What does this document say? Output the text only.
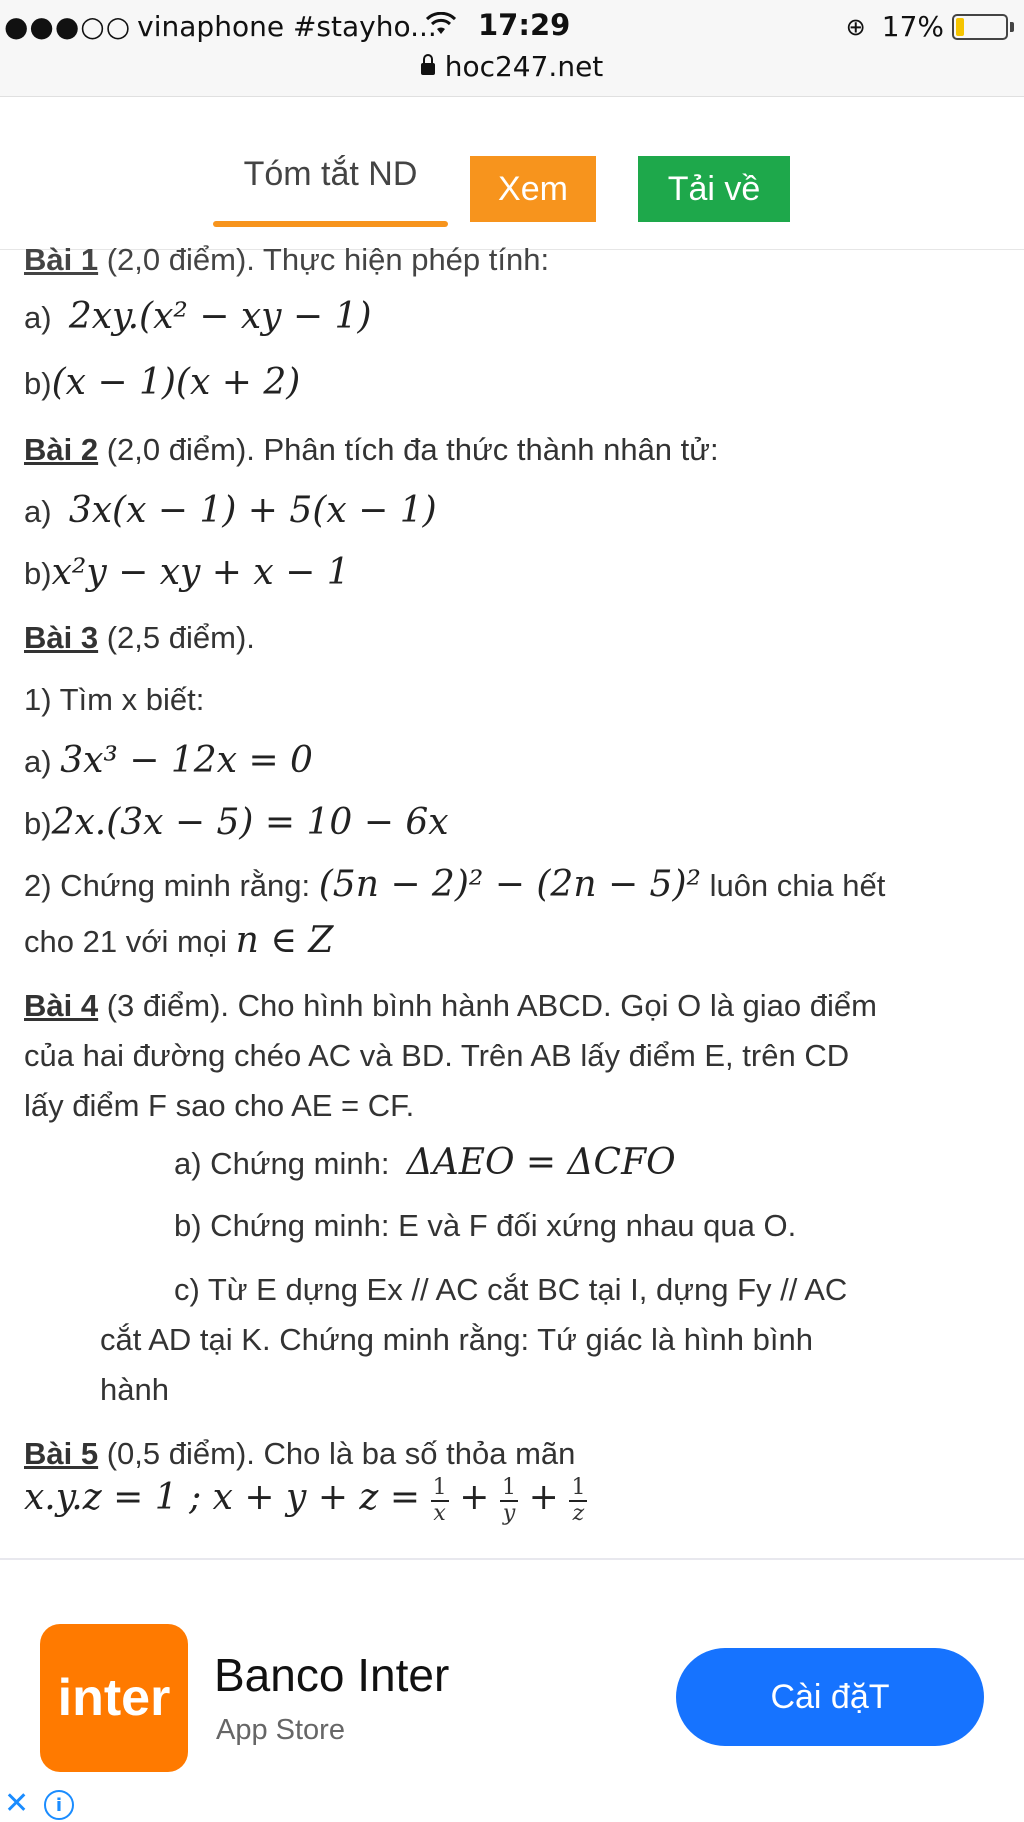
●●●○○ vinaphone #stayho... 17:29	⊕ 17%
hoc247.net
Tóm tắt ND	Xem	Tải về
Bài 1 (2,0 điểm). Thực hiện phép tính:
a) 2xy.(x² − xy − 1)
b)(x − 1)(x + 2)
Bài 2 (2,0 điểm). Phân tích đa thức thành nhân tử:
a) 3x(x − 1) + 5(x − 1)
b)x²y − xy + x − 1
Bài 3 (2,5 điểm).
1) Tìm x biết:
a) 3x³ − 12x = 0
b)2x.(3x − 5) = 10 − 6x
2) Chứng minh rằng: (5n − 2)² − (2n − 5)² luôn chia hết
cho 21 với mọi n ∈ Z
Bài 4 (3 điểm). Cho hình bình hành ABCD. Gọi O là giao điểm
của hai đường chéo AC và BD. Trên AB lấy điểm E, trên CD
lấy điểm F sao cho AE = CF.
a) Chứng minh: ΔAEO = ΔCFO
b) Chứng minh: E và F đối xứng nhau qua O.
c) Từ E dựng Ex // AC cắt BC tại I, dựng Fy // AC
cắt AD tại K. Chứng minh rằng: Tứ giác là hình bình
hành
Bài 5 (0,5 điểm). Cho là ba số thỏa mãn
x.y.z = 1 ; $x + y + z = \frac{1}{x} + \frac{1}{y} + \frac{1}{z}$
inter Banco Inter
App Store
Cài đặT
✕	i
